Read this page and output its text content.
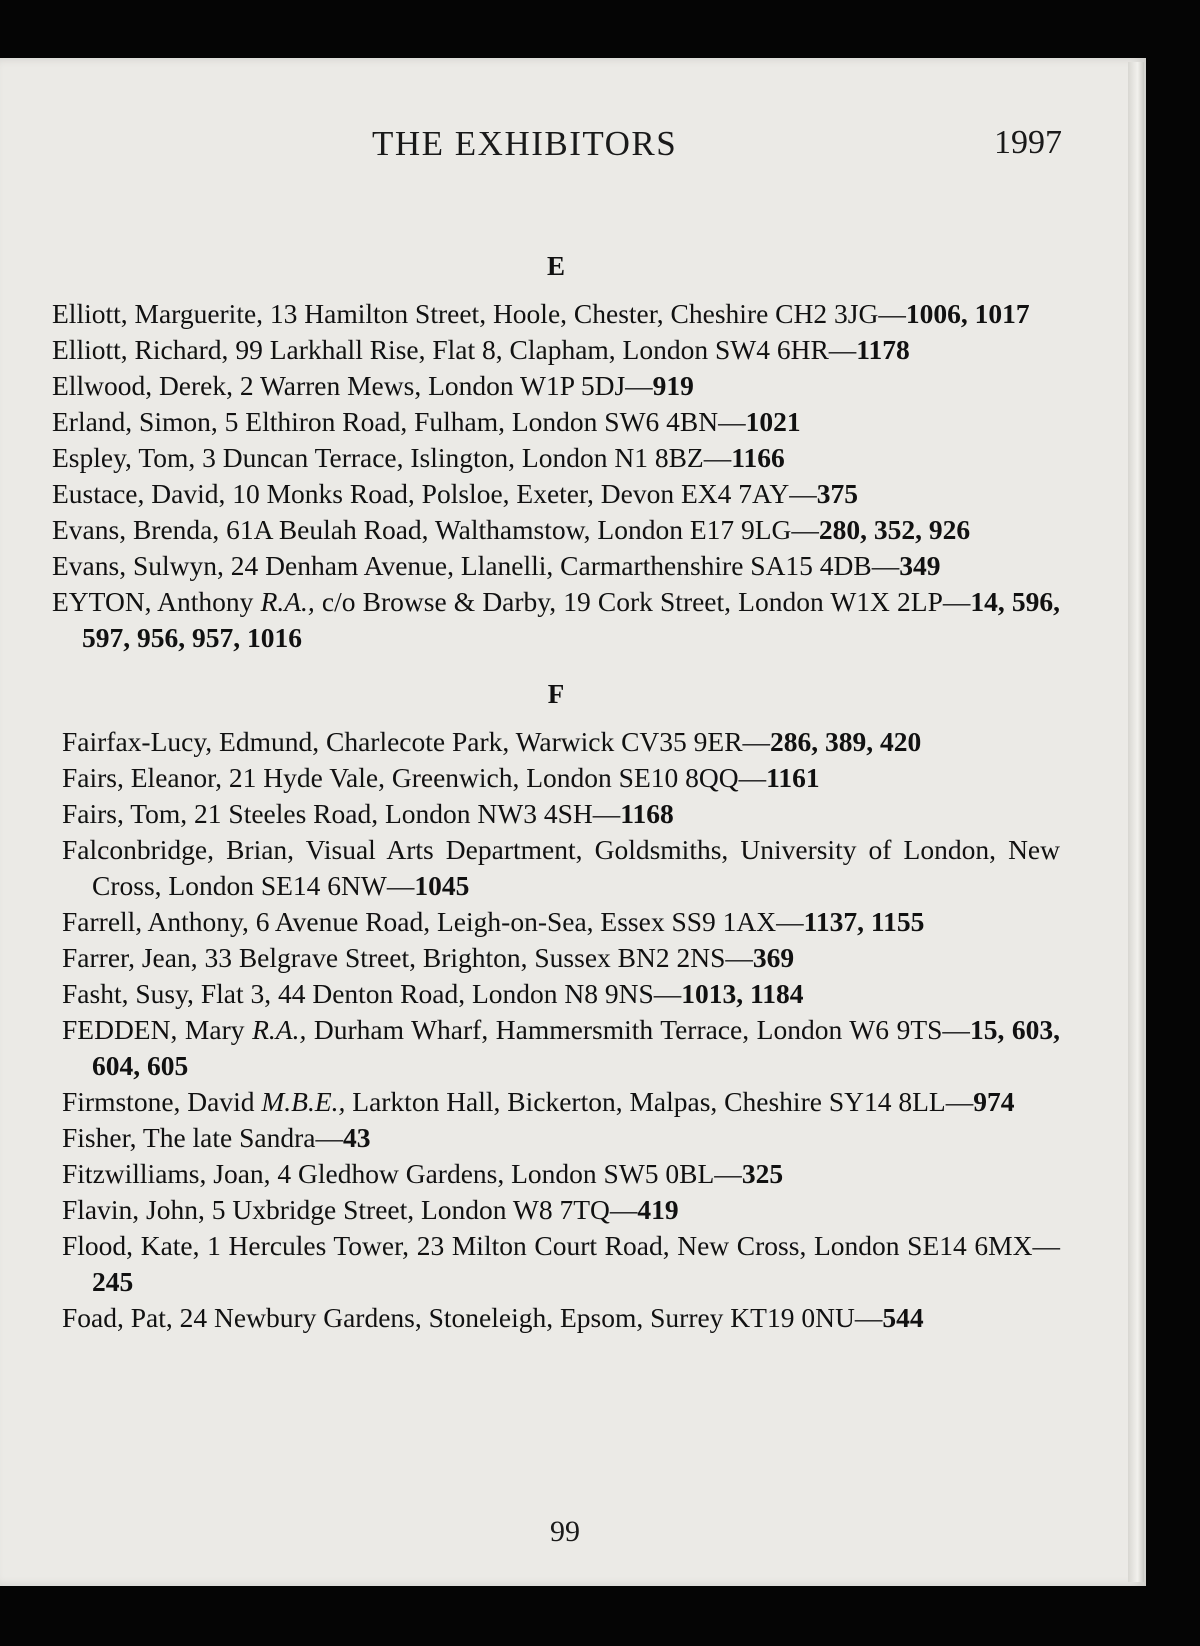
THE EXHIBITORS	1997
E

Elliott, Marguerite, 13 Hamilton Street, Hoole, Chester, Cheshire CH2 3JG—1006, 1017

Elliott, Richard, 99 Larkhall Rise, Flat 8, Clapham, London SW4 6HR—1178

Ellwood, Derek, 2 Warren Mews, London W1P 5DJ—919

Erland, Simon, 5 Elthiron Road, Fulham, London SW6 4BN—1021

Espley, Tom, 3 Duncan Terrace, Islington, London N1 8BZ—1166

Eustace, David, 10 Monks Road, Polsloe, Exeter, Devon EX4 7AY—375

Evans, Brenda, 61A Beulah Road, Walthamstow, London E17 9LG—280, 352, 926

Evans, Sulwyn, 24 Denham Avenue, Llanelli, Carmarthenshire SA15 4DB—349

EYTON, Anthony R.A., c/o Browse & Darby, 19 Cork Street, London W1X 2LP—14, 596, 597, 956, 957, 1016

F

Fairfax-Lucy, Edmund, Charlecote Park, Warwick CV35 9ER—286, 389, 420

Fairs, Eleanor, 21 Hyde Vale, Greenwich, London SE10 8QQ—1161

Fairs, Tom, 21 Steeles Road, London NW3 4SH—1168

Falconbridge, Brian, Visual Arts Department, Goldsmiths, University of London, New Cross, London SE14 6NW—1045

Farrell, Anthony, 6 Avenue Road, Leigh-on-Sea, Essex SS9 1AX—1137, 1155

Farrer, Jean, 33 Belgrave Street, Brighton, Sussex BN2 2NS—369

Fasht, Susy, Flat 3, 44 Denton Road, London N8 9NS—1013, 1184

FEDDEN, Mary R.A., Durham Wharf, Hammersmith Terrace, London W6 9TS—15, 603, 604, 605

Firmstone, David M.B.E., Larkton Hall, Bickerton, Malpas, Cheshire SY14 8LL—974

Fisher, The late Sandra—43

Fitzwilliams, Joan, 4 Gledhow Gardens, London SW5 0BL—325

Flavin, John, 5 Uxbridge Street, London W8 7TQ—419

Flood, Kate, 1 Hercules Tower, 23 Milton Court Road, New Cross, London SE14 6MX—245

Foad, Pat, 24 Newbury Gardens, Stoneleigh, Epsom, Surrey KT19 0NU—544

99
